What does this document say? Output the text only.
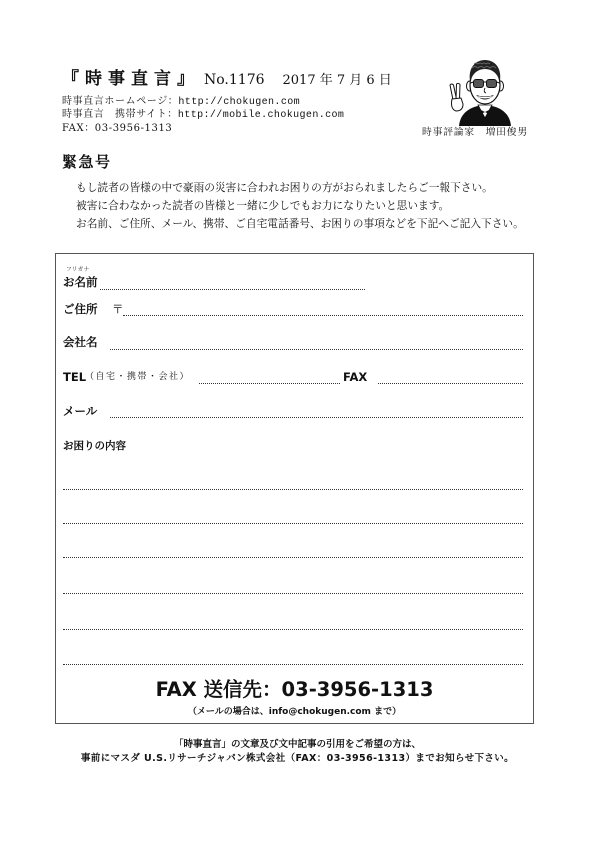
『時事直言』 No.1176 2017 年 7 月 6 日
時事直言ホームページ：http://chokugen.com
時事直言　携帯サイト：http://mobile.chokugen.com
FAX：03-3956-1313	時事評論家　増田俊男
緊急号
もし読者の皆様の中で豪雨の災害に合われお困りの方がおられましたらご一報下さい。
被害に合わなかった読者の皆様と一緒に少しでもお力になりたいと思います。
お名前、ご住所、メール、携帯、ご自宅電話番号、お困りの事項などを下記へご記入下さい。
フリガナ
お名前
ご住所 〒
会社名
TEL
（自宅・携帯・会社）	FAX
メール
お困りの内容
FAX 送信先：03-3956-1313
（メールの場合は、info@chokugen.com まで）
「時事直言」の文章及び文中記事の引用をご希望の方は、
事前にマスダ U.S.リサーチジャパン株式会社（FAX：03-3956-1313）までお知らせ下さい。
